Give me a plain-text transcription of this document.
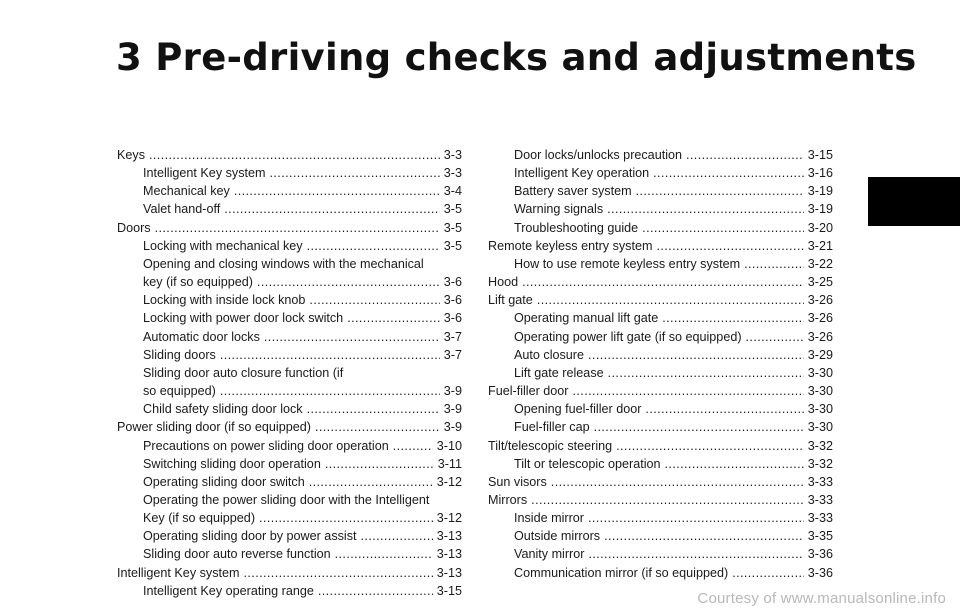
3 Pre-driving checks and adjustments
Keys .....	3-3
Intelligent Key system .....	3-3
Mechanical key .....	3-4
Valet hand-off .....	3-5
Doors .....	3-5
Locking with mechanical key .....	3-5
Opening and closing windows with the mechanical
key (if so equipped) .....	3-6
Locking with inside lock knob .....	3-6
Locking with power door lock switch .....	3-6
Automatic door locks .....	3-7
Sliding doors .....	3-7
Sliding door auto closure function (if
so equipped) .....	3-9
Child safety sliding door lock .....	3-9
Power sliding door (if so equipped) .....	3-9
Precautions on power sliding door operation .....	3-10
Switching sliding door operation .....	3-11
Operating sliding door switch .....	3-12
Operating the power sliding door with the Intelligent
Key (if so equipped) .....	3-12
Operating sliding door by power assist .....	3-13
Sliding door auto reverse function .....	3-13
Intelligent Key system .....	3-13
Intelligent Key operating range .....	3-15
Door locks/unlocks precaution .....	3-15
Intelligent Key operation .....	3-16
Battery saver system .....	3-19
Warning signals .....	3-19
Troubleshooting guide .....	3-20
Remote keyless entry system .....	3-21
How to use remote keyless entry system .....	3-22
Hood .....	3-25
Lift gate .....	3-26
Operating manual lift gate .....	3-26
Operating power lift gate (if so equipped) .....	3-26
Auto closure .....	3-29
Lift gate release .....	3-30
Fuel-filler door .....	3-30
Opening fuel-filler door .....	3-30
Fuel-filler cap .....	3-30
Tilt/telescopic steering .....	3-32
Tilt or telescopic operation .....	3-32
Sun visors .....	3-33
Mirrors .....	3-33
Inside mirror .....	3-33
Outside mirrors .....	3-35
Vanity mirror .....	3-36
Communication mirror (if so equipped) .....	3-36
Courtesy of www.manualsonline.info
